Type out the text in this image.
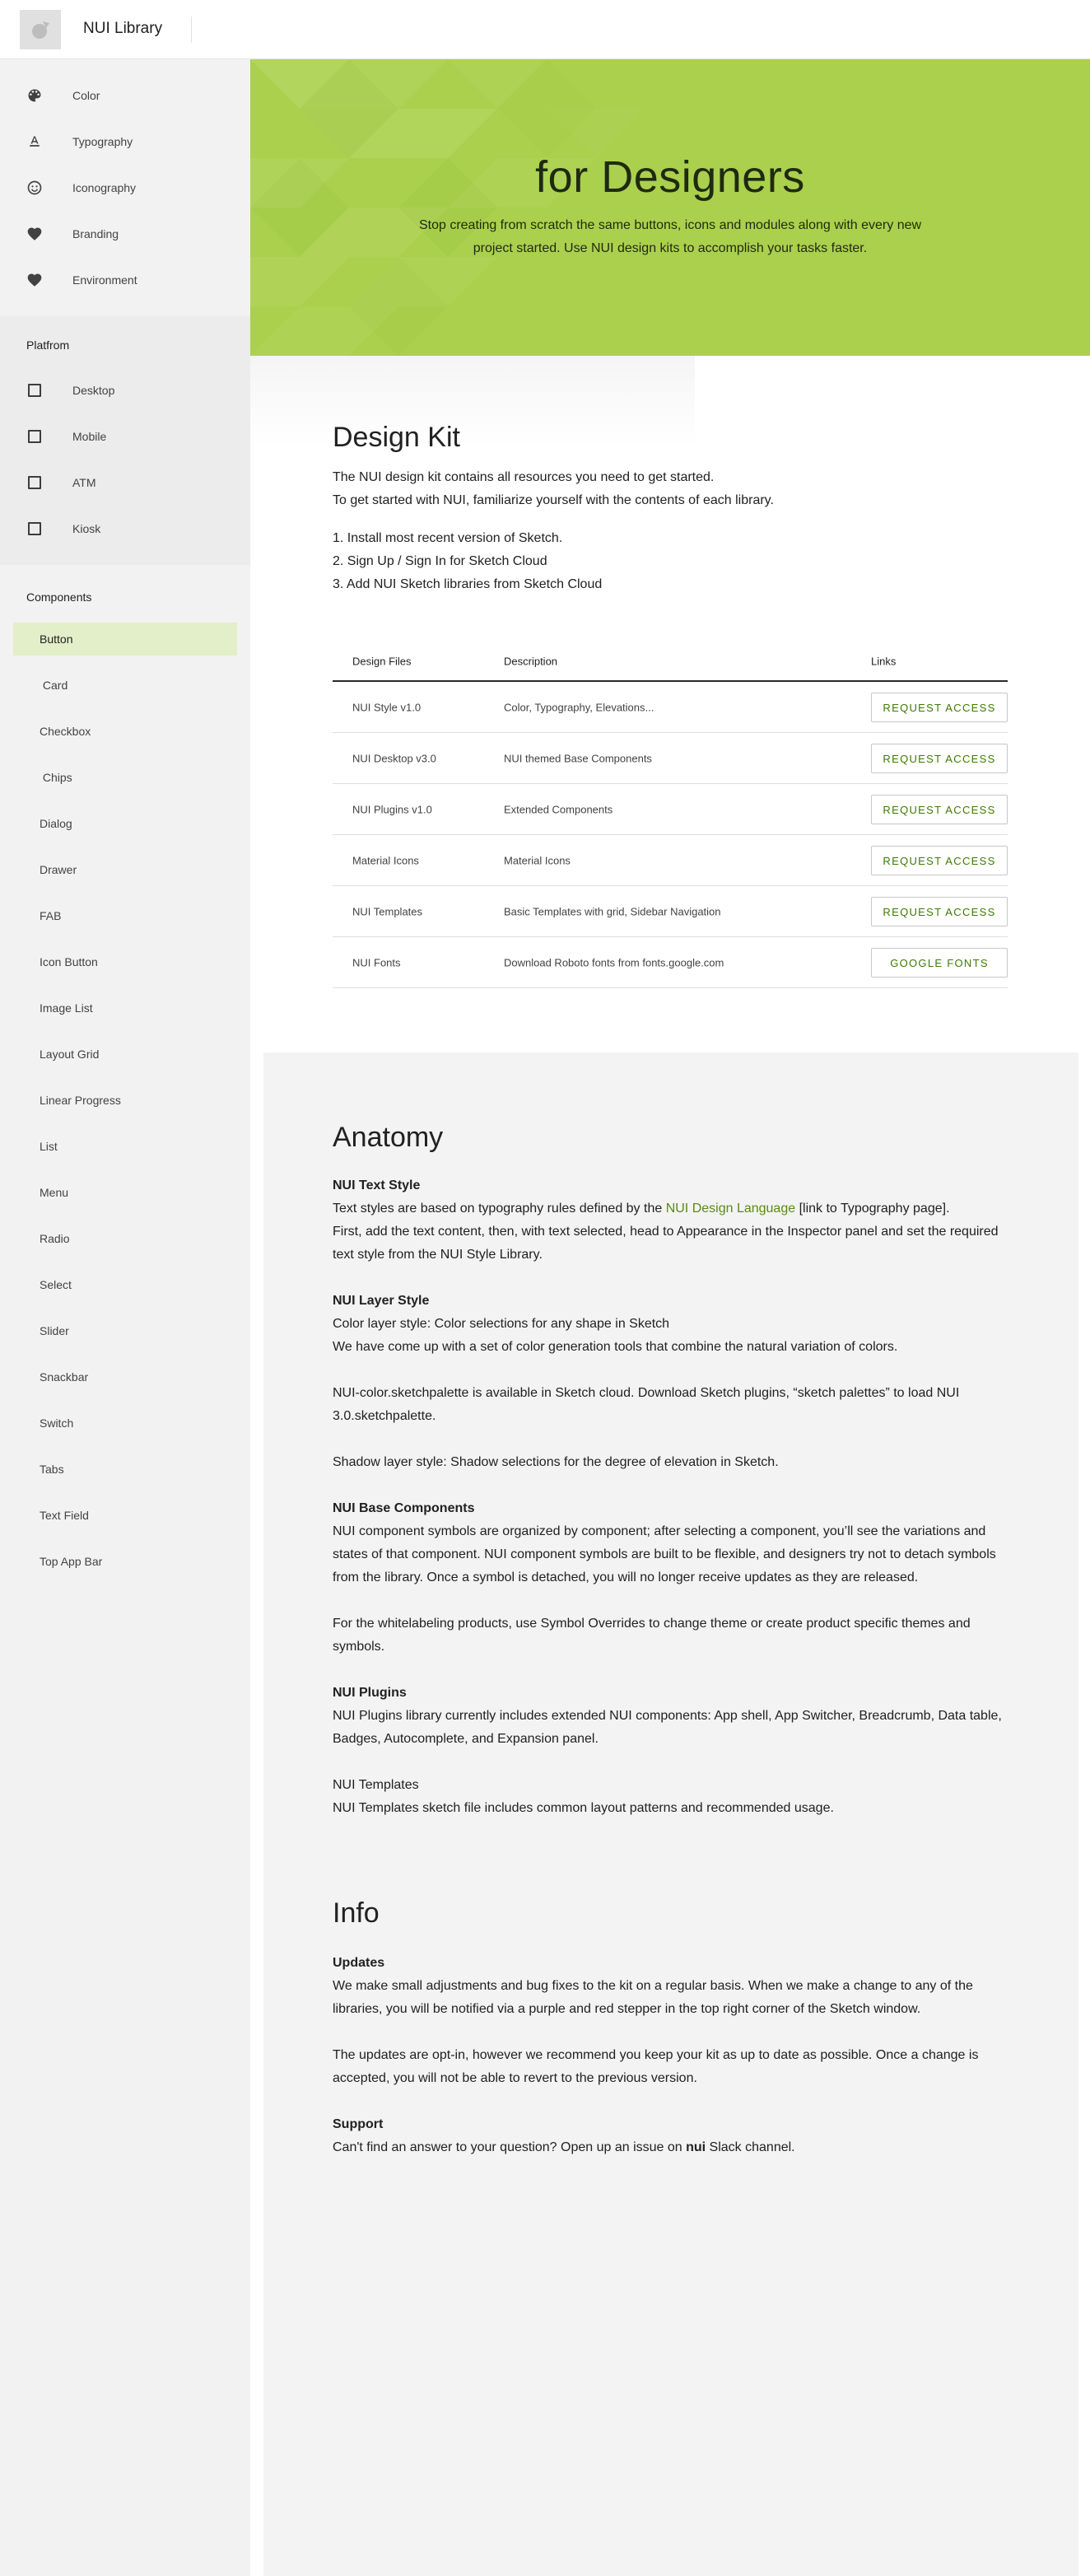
NUI Library
Color
Typography
Iconography
Branding
Environment
Platfrom
Desktop
Mobile
ATM
Kiosk
Components
Button
Card
Checkbox
Chips
Dialog
Drawer
FAB
Icon Button
Image List
Layout Grid
Linear Progress
List
Menu
Radio
Select
Slider
Snackbar
Switch
Tabs
Text Field
Top App Bar
for Designers

Stop creating from scratch the same buttons, icons and modules along with every new project started. Use NUI design kits to accomplish your tasks faster.

Design Kit
The NUI design kit contains all resources you need to get started.
To get started with NUI, familiarize yourself with the contents of each library.
1. Install most recent version of Sketch.
2. Sign Up / Sign In for Sketch Cloud
3. Add NUI Sketch libraries from Sketch Cloud
Design Files	Description	Links
NUI Style v1.0	Color, Typography, Elevations...	REQUEST ACCESS
NUI Desktop v3.0	NUI themed Base Components	REQUEST ACCESS
NUI Plugins v1.0	Extended Components	REQUEST ACCESS
Material Icons	Material Icons	REQUEST ACCESS
NUI Templates	Basic Templates with grid, Sidebar Navigation	REQUEST ACCESS
NUI Fonts	Download Roboto fonts from fonts.google.com	GOOGLE FONTS
Anatomy
NUI Text Style
Text styles are based on typography rules defined by the NUI Design Language [link to Typography page].
First, add the text content, then, with text selected, head to Appearance in the Inspector panel and set the required text style from the NUI Style Library.
NUI Layer Style
Color layer style: Color selections for any shape in Sketch
We have come up with a set of color generation tools that combine the natural variation of colors.
NUI-color.sketchpalette is available in Sketch cloud. Download Sketch plugins, “sketch palettes” to load NUI 3.0.sketchpalette.
Shadow layer style: Shadow selections for the degree of elevation in Sketch.
NUI Base Components
NUI component symbols are organized by component; after selecting a component, you’ll see the variations and states of that component. NUI component symbols are built to be flexible, and designers try not to detach symbols from the library. Once a symbol is detached, you will no longer receive updates as they are released.
For the whitelabeling products, use Symbol Overrides to change theme or create product specific themes and symbols.
NUI Plugins
NUI Plugins library currently includes extended NUI components: App shell, App Switcher, Breadcrumb, Data table, Badges, Autocomplete, and Expansion panel.
NUI Templates
NUI Templates sketch file includes common layout patterns and recommended usage.
Info
Updates
We make small adjustments and bug fixes to the kit on a regular basis. When we make a change to any of the libraries, you will be notified via a purple and red stepper in the top right corner of the Sketch window.
The updates are opt-in, however we recommend you keep your kit as up to date as possible. Once a change is accepted, you will not be able to revert to the previous version.
Support
Can't find an answer to your question? Open up an issue on nui Slack channel.
